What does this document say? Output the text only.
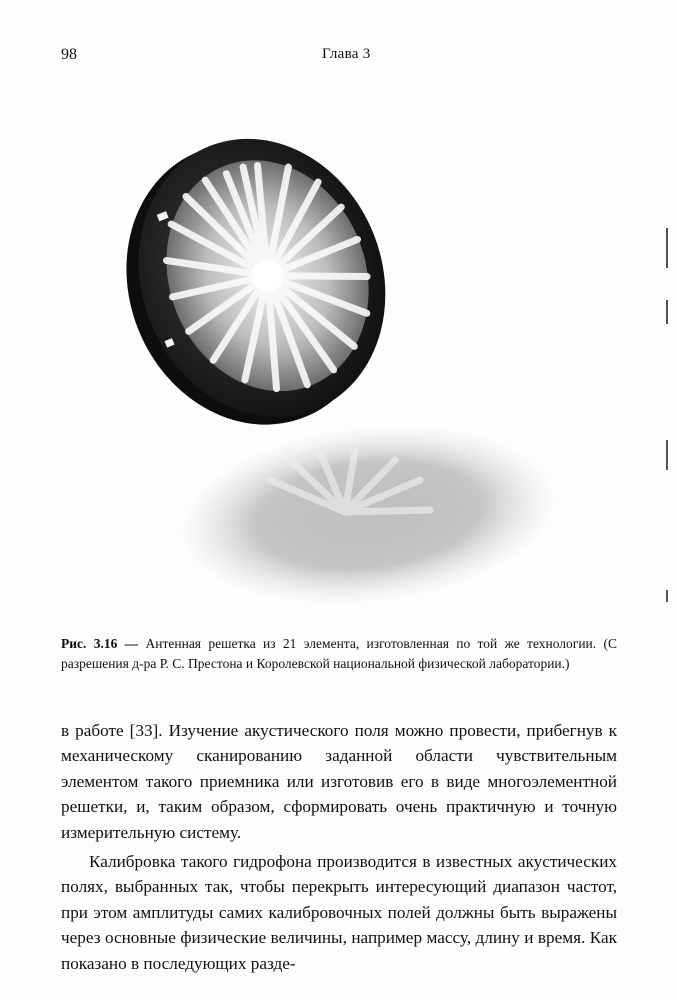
98	Глава 3
Рис. 3.16 — Антенная решетка из 21 элемента, изготовленная по той же технологии. (С разрешения д-ра Р. С. Престона и Королевской национальной физической лаборатории.)

в работе [33]. Изучение акустического поля можно провести, прибегнув к механическому сканированию заданной области чувствительным элементом такого приемника или изготовив его в виде многоэлементной решетки, и, таким образом, сформировать очень практичную и точную измерительную систему.

Калибровка такого гидрофона производится в известных акустических полях, выбранных так, чтобы перекрыть интересующий диапазон частот, при этом амплитуды самих калибровочных полей должны быть выражены через основные физические величины, например массу, длину и время. Как показано в последующих разде-
